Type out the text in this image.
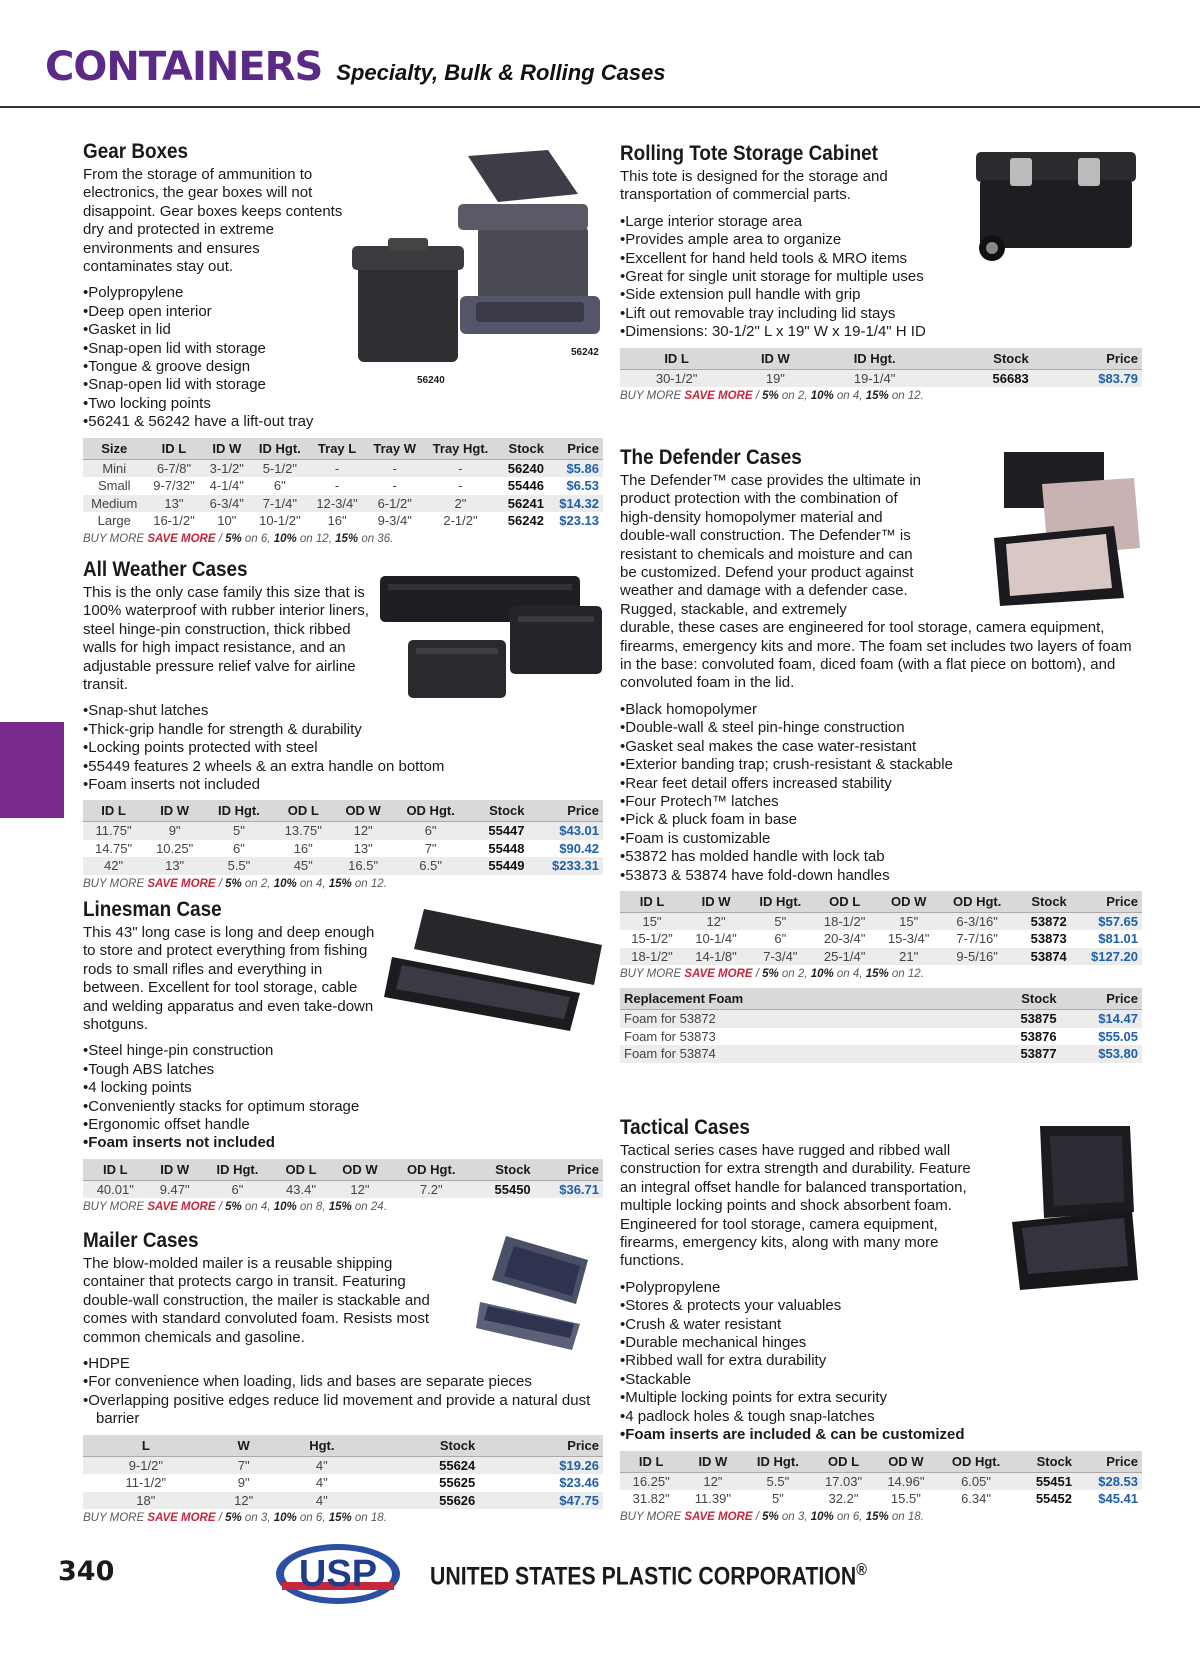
CONTAINERS Specialty, Bulk & Rolling Cases
Gear Boxes

From the storage of ammunition to electronics, the gear boxes will not disappoint. Gear boxes keeps contents dry and protected in extreme environments and ensures contaminates stay out.

• Polypropylene
• Deep open interior
• Gasket in lid
• Snap-open lid with storage
• Tongue & groove design
• Snap-open lid with storage
• Two locking points
• 56241 & 56242 have a lift-out tray
Size	ID L	ID W	ID Hgt.	Tray L	Tray W	Tray Hgt.	Stock	Price
Mini	6-7/8"	3-1/2"	5-1/2"	-	-	-	56240	$5.86
Small	9-7/32"	4-1/4"	6"	-	-	-	55446	$6.53
Medium	13"	6-3/4"	7-1/4"	12-3/4"	6-1/2"	2"	56241	$14.32
Large	16-1/2"	10"	10-1/2"	16"	9-3/4"	2-1/2"	56242	$23.13
BUY MORE SAVE MORE / 5% on 6, 10% on 12, 15% on 36.
56242
56240
All Weather Cases

This is the only case family this size that is 100% waterproof with rubber interior liners, steel hinge-pin construction, thick ribbed walls for high impact resistance, and an adjustable pressure relief valve for airline transit.

• Snap-shut latches
• Thick-grip handle for strength & durability
• Locking points protected with steel
• 55449 features 2 wheels & an extra handle on bottom
• Foam inserts not included
ID L	ID W	ID Hgt.	OD L	OD W	OD Hgt.	Stock	Price
11.75"	9"	5"	13.75"	12"	6"	55447	$43.01
14.75"	10.25"	6"	16"	13"	7"	55448	$90.42
42"	13"	5.5"	45"	16.5"	6.5"	55449	$233.31
BUY MORE SAVE MORE / 5% on 2, 10% on 4, 15% on 12.
Linesman Case

This 43" long case is long and deep enough to store and protect everything from fishing rods to small rifles and everything in between. Excellent for tool storage, cable and welding apparatus and even take-down shotguns.

• Steel hinge-pin construction
• Tough ABS latches
• 4 locking points
• Conveniently stacks for optimum storage
• Ergonomic offset handle
• Foam inserts not included
ID L	ID W	ID Hgt.	OD L	OD W	OD Hgt.	Stock	Price
40.01"	9.47"	6"	43.4"	12"	7.2"	55450	$36.71
BUY MORE SAVE MORE / 5% on 4, 10% on 8, 15% on 24.
Mailer Cases

The blow-molded mailer is a reusable shipping container that protects cargo in transit. Featuring double-wall construction, the mailer is stackable and comes with standard convoluted foam. Resists most common chemicals and gasoline.

• HDPE
• For convenience when loading, lids and bases are separate pieces
• Overlapping positive edges reduce lid movement and provide a natural dust barrier
L	W	Hgt.	Stock	Price
9-1/2"	7"	4"	55624	$19.26
11-1/2"	9"	4"	55625	$23.46
18"	12"	4"	55626	$47.75
BUY MORE SAVE MORE / 5% on 3, 10% on 6, 15% on 18.
Rolling Tote Storage Cabinet

This tote is designed for the storage and transportation of commercial parts.

• Large interior storage area
• Provides ample area to organize
• Excellent for hand held tools & MRO items
• Great for single unit storage for multiple uses
• Side extension pull handle with grip
• Lift out removable tray including lid stays
• Dimensions: 30-1/2" L x 19" W x 19-1/4" H ID
ID L	ID W	ID Hgt.	Stock	Price
30-1/2"	19"	19-1/4"	56683	$83.79
BUY MORE SAVE MORE / 5% on 2, 10% on 4, 15% on 12.
The Defender Cases

The Defender™ case provides the ultimate in product protection with the combination of high-density homopolymer material and double-wall construction. The Defender™ is resistant to chemicals and moisture and can be customized. Defend your product against weather and damage with a defender case. Rugged, stackable, and extremely

durable, these cases are engineered for tool storage, camera equipment, firearms, emergency kits and more. The foam set includes two layers of foam in the base: convoluted foam, diced foam (with a flat piece on bottom), and convoluted foam in the lid.

• Black homopolymer
• Double-wall & steel pin-hinge construction
• Gasket seal makes the case water-resistant
• Exterior banding trap; crush-resistant & stackable
• Rear feet detail offers increased stability
• Four Protech™ latches
• Pick & pluck foam in base
• Foam is customizable
• 53872 has molded handle with lock tab
• 53873 & 53874 have fold-down handles
ID L	ID W	ID Hgt.	OD L	OD W	OD Hgt.	Stock	Price
15"	12"	5"	18-1/2"	15"	6-3/16"	53872	$57.65
15-1/2"	10-1/4"	6"	20-3/4"	15-3/4"	7-7/16"	53873	$81.01
18-1/2"	14-1/8"	7-3/4"	25-1/4"	21"	9-5/16"	53874	$127.20
BUY MORE SAVE MORE / 5% on 2, 10% on 4, 15% on 12.
Replacement Foam	Stock	Price
Foam for 53872	53875	$14.47
Foam for 53873	53876	$55.05
Foam for 53874	53877	$53.80
Tactical Cases

Tactical series cases have rugged and ribbed wall construction for extra strength and durability. Feature an integral offset handle for balanced transportation, multiple locking points and shock absorbent foam. Engineered for tool storage, camera equipment, firearms, emergency kits, along with many more functions.

• Polypropylene
• Stores & protects your valuables
• Crush & water resistant
• Durable mechanical hinges
• Ribbed wall for extra durability
• Stackable
• Multiple locking points for extra security
• 4 padlock holes & tough snap-latches
• Foam inserts are included & can be customized
ID L	ID W	ID Hgt.	OD L	OD W	OD Hgt.	Stock	Price
16.25"	12"	5.5"	17.03"	14.96"	6.05"	55451	$28.53
31.82"	11.39"	5"	32.2"	15.5"	6.34"	55452	$45.41
BUY MORE SAVE MORE / 5% on 3, 10% on 6, 15% on 18.
340	USP UNITED STATES PLASTIC CORPORATION®
